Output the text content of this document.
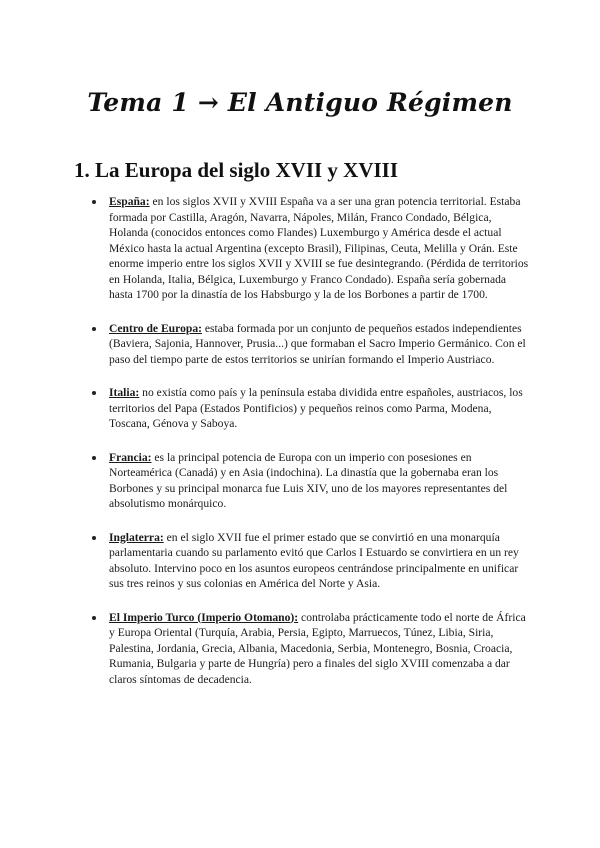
Tema 1 → El Antiguo Régimen
1. La Europa del siglo XVII y XVIII
España: en los siglos XVII y XVIII España va a ser una gran potencia territorial. Estaba formada por Castilla, Aragón, Navarra, Nápoles, Milán, Franco Condado, Bélgica, Holanda (conocidos entonces como Flandes) Luxemburgo y América desde el actual México hasta la actual Argentina (excepto Brasil), Filipinas, Ceuta, Melilla y Orán. Este enorme imperio entre los siglos XVII y XVIII se fue desintegrando. (Pérdida de territorios en Holanda, Italia, Bélgica, Luxemburgo y Franco Condado). España sería gobernada hasta 1700 por la dinastía de los Habsburgo y la de los Borbones a partir de 1700.
Centro de Europa: estaba formada por un conjunto de pequeños estados independientes (Baviera, Sajonia, Hannover, Prusia...) que formaban el Sacro Imperio Germánico. Con el paso del tiempo parte de estos territorios se unirían formando el Imperio Austriaco.
Italia: no existía como país y la península estaba dividida entre españoles, austriacos, los territorios del Papa (Estados Pontificios) y pequeños reinos como Parma, Modena, Toscana, Génova y Saboya.
Francia: es la principal potencia de Europa con un imperio con posesiones en Norteamérica (Canadá) y en Asia (indochina). La dinastía que la gobernaba eran los Borbones y su principal monarca fue Luis XIV, uno de los mayores representantes del absolutismo monárquico.
Inglaterra: en el siglo XVII fue el primer estado que se convirtió en una monarquía parlamentaria cuando su parlamento evitó que Carlos I Estuardo se convirtiera en un rey absoluto. Intervino poco en los asuntos europeos centrándose principalmente en unificar sus tres reinos y sus colonias en América del Norte y Asia.
El Imperio Turco (Imperio Otomano): controlaba prácticamente todo el norte de África y Europa Oriental (Turquía, Arabia, Persia, Egipto, Marruecos, Túnez, Libia, Siria, Palestina, Jordania, Grecia, Albania, Macedonia, Serbia, Montenegro, Bosnia, Croacia, Rumania, Bulgaria y parte de Hungría) pero a finales del siglo XVIII comenzaba a dar claros síntomas de decadencia.
